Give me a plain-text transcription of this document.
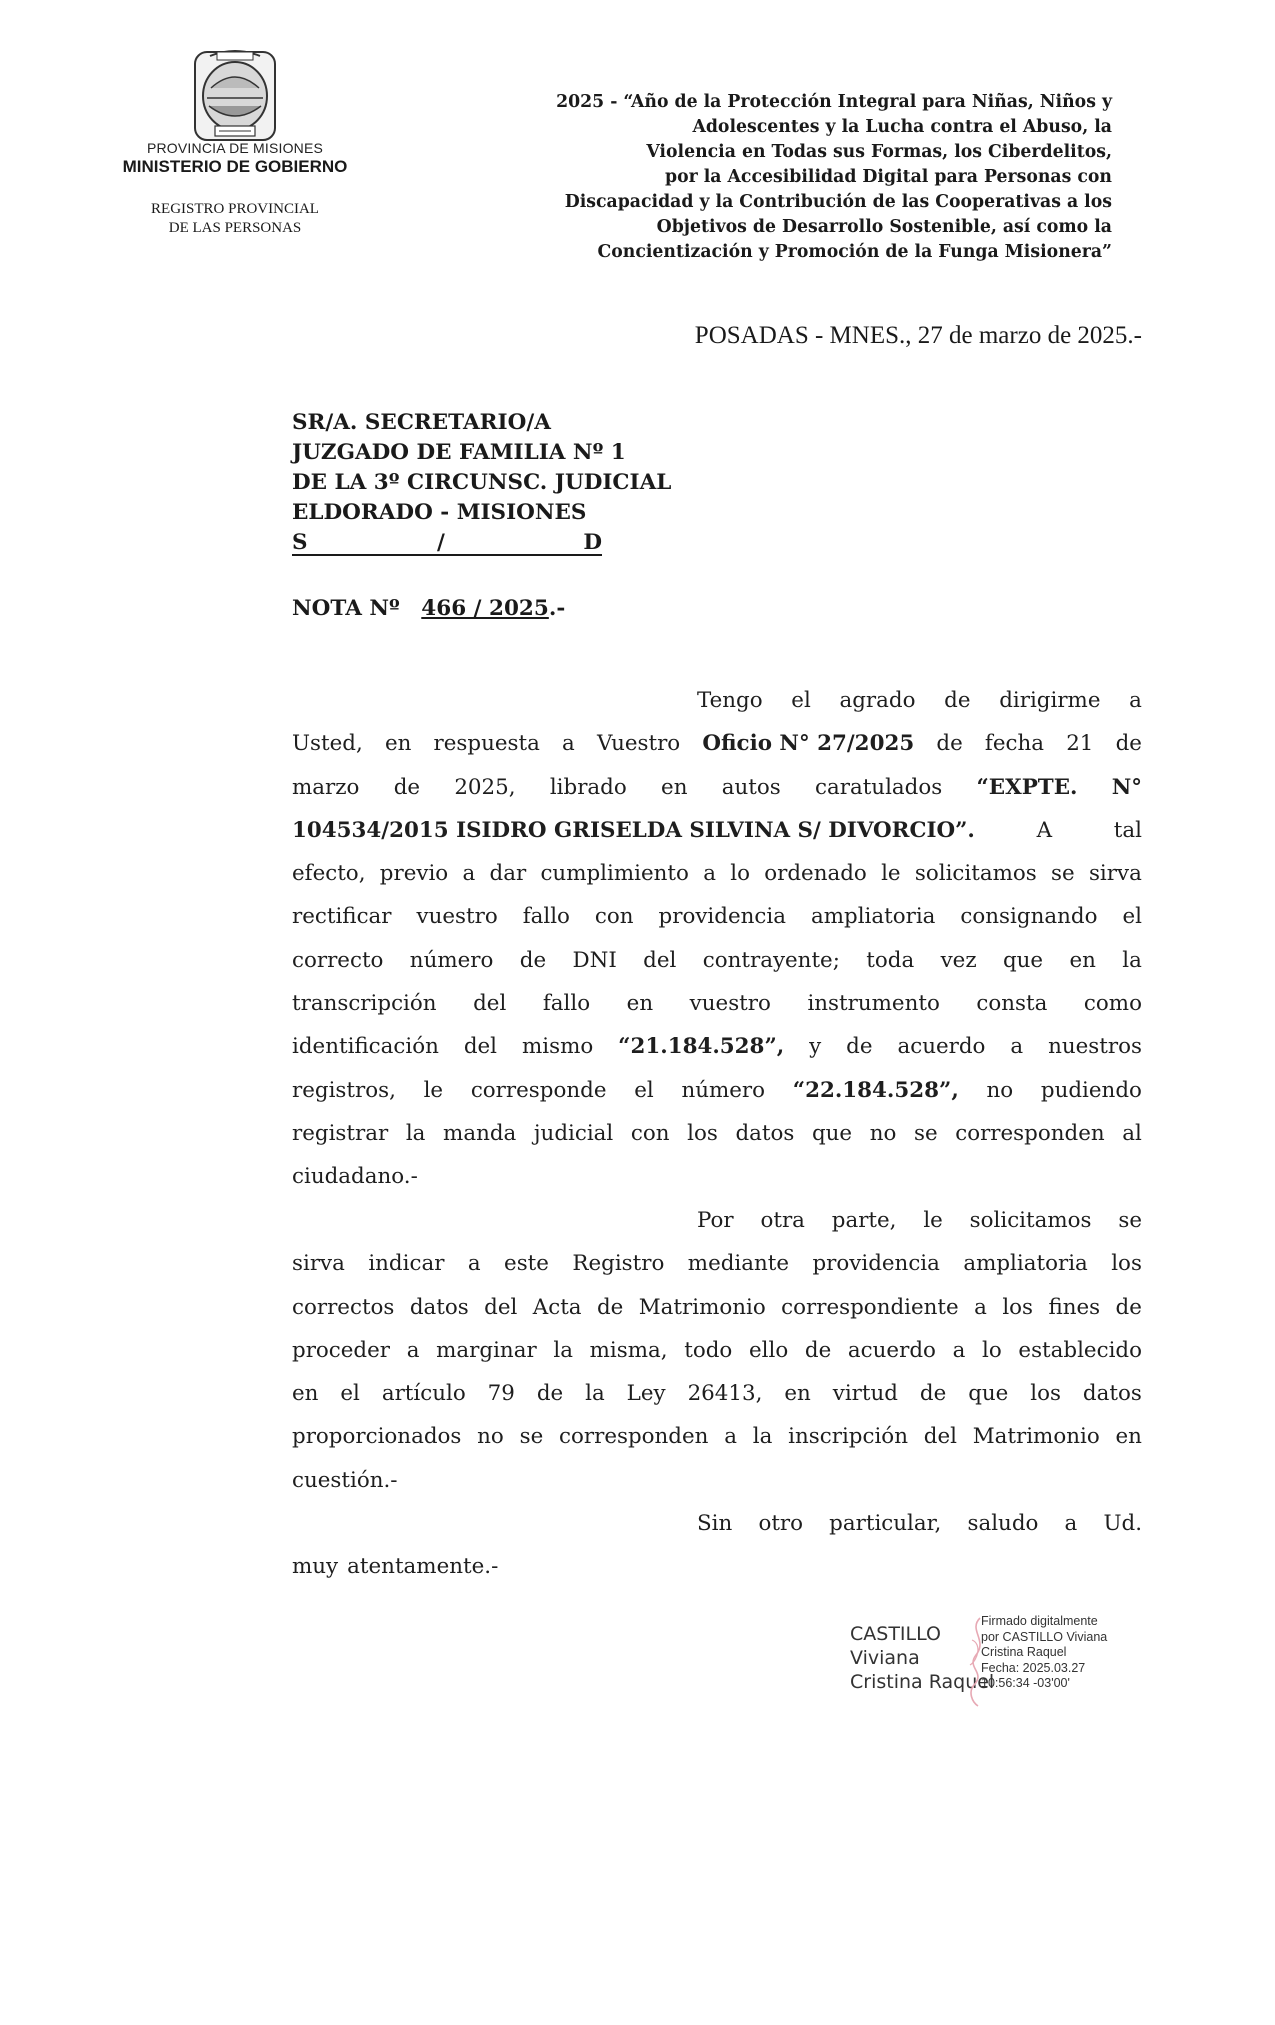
PROVINCIA DE MISIONES
MINISTERIO DE GOBIERNO
REGISTRO PROVINCIAL
DE LAS PERSONAS
2025 - “Año de la Protección Integral para Niñas, Niños y
Adolescentes y la Lucha contra el Abuso, la
Violencia en Todas sus Formas, los Ciberdelitos,
por la Accesibilidad Digital para Personas con
Discapacidad y la Contribución de las Cooperativas a los
Objetivos de Desarrollo Sostenible, así como la
Concientización y Promoción de la Funga Misionera”
POSADAS - MNES., 27 de marzo de 2025.-
SR/A. SECRETARIO/A
JUZGADO DE FAMILIA Nº 1
DE LA 3º CIRCUNSC. JUDICIAL
ELDORADO - MISIONES
S	/	D
NOTA Nº 466 / 2025.-
Tengo el agrado de dirigirme a
Usted, en respuesta a Vuestro Oficio N° 27/2025 de fecha 21 de
marzo de 2025, librado en autos caratulados “EXPTE. N°
104534/2015 ISIDRO GRISELDA SILVINA S/ DIVORCIO”.	A	tal
efecto, previo a dar cumplimiento a lo ordenado le solicitamos se sirva
rectificar vuestro fallo con providencia ampliatoria consignando el
correcto número de DNI del contrayente; toda vez que en la
transcripción del fallo en vuestro instrumento consta como
identificación del mismo “21.184.528”, y de acuerdo a nuestros
registros, le corresponde el número “22.184.528”, no pudiendo
registrar la manda judicial con los datos que no se corresponden al
ciudadano.-
Por otra parte, le solicitamos se
sirva indicar a este Registro mediante providencia ampliatoria los
correctos datos del Acta de Matrimonio correspondiente a los fines de
proceder a marginar la misma, todo ello de acuerdo a lo establecido
en el artículo 79 de la Ley 26413, en virtud de que los datos
proporcionados no se corresponden a la inscripción del Matrimonio en
cuestión.-
Sin otro particular, saludo a Ud.
muy atentamente.-
CASTILLO
Viviana
Cristina Raquel
Firmado digitalmente
por CASTILLO Viviana
Cristina Raquel
Fecha: 2025.03.27
10:56:34 -03'00'
